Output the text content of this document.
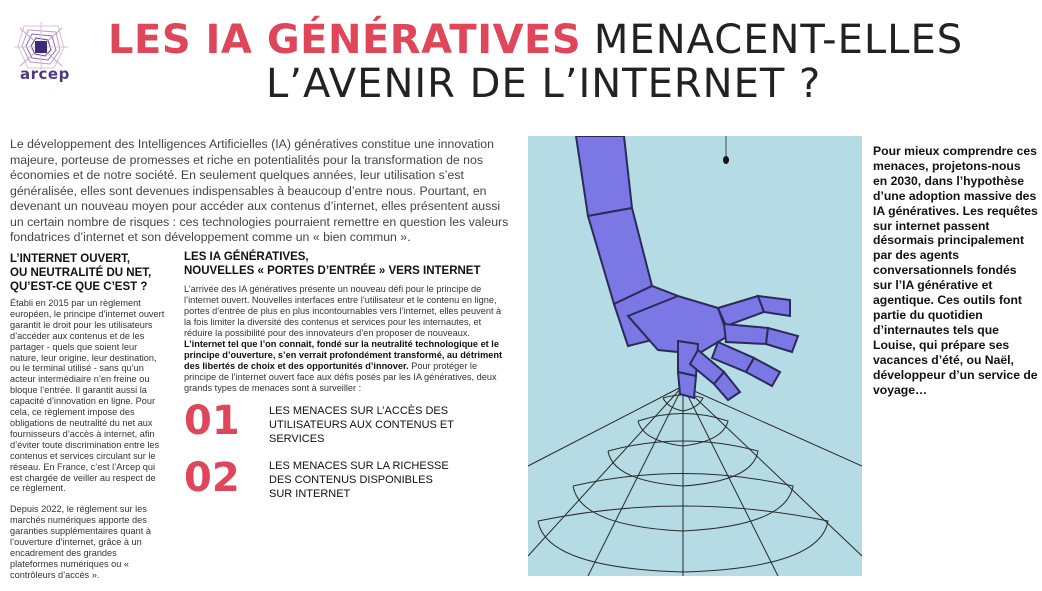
arcep
LES IA GÉNÉRATIVES MENACENT-ELLES
L’AVENIR DE L’INTERNET ?
Le développement des Intelligences Artificielles (IA) génératives constitue une innovation majeure, porteuse de promesses et riche en potentialités pour la transformation de nos économies et de notre société. En seulement quelques années, leur utilisation s’est généralisée, elles sont devenues indispensables à beaucoup d’entre nous. Pourtant, en devenant un nouveau moyen pour accéder aux contenus d’internet, elles présentent aussi un certain nombre de risques : ces technologies pourraient remettre en question les valeurs fondatrices d’internet et son développement comme un « bien commun ».
L’INTERNET OUVERT,
OU NEUTRALITÉ DU NET,
QU’EST-CE QUE C’EST ?

Établi en 2015 par un règlement européen, le principe d’internet ouvert garantit le droit pour les utilisateurs d’accéder aux contenus et de les partager - quels que soient leur nature, leur origine, leur destination, ou le terminal utilisé - sans qu’un acteur intermédiaire n’en freine ou bloque l’entrée. Il garantit aussi la capacité d’innovation en ligne. Pour cela, ce règlement impose des obligations de neutralité du net aux fournisseurs d’accès à internet, afin d’éviter toute discrimination entre les contenus et services circulant sur le réseau. En France, c’est l’Arcep qui est chargée de veiller au respect de ce règlement.

Depuis 2022, le règlement sur les marchés numériques apporte des garanties supplémentaires quant à l’ouverture d’internet, grâce à un encadrement des grandes plateformes numériques ou « contrôleurs d’accès ».

LES IA GÉNÉRATIVES,
NOUVELLES « PORTES D’ENTRÉE » VERS INTERNET
L’arrivée des IA génératives présente un nouveau défi pour le principe de l’internet ouvert. Nouvelles interfaces entre l’utilisateur et le contenu en ligne, portes d’entrée de plus en plus incontournables vers l’internet, elles peuvent à la fois limiter la diversité des contenus et services pour les internautes, et réduire la possibilité pour des innovateurs d’en proposer de nouveaux. L’internet tel que l’on connait, fondé sur la neutralité technologique et le principe d’ouverture, s’en verrait profondément transformé, au détriment des libertés de choix et des opportunités d’innover. Pour protéger le principe de l’internet ouvert face aux défis posés par les IA génératives, deux grands types de menaces sont à surveiller :
01	LES MENACES SUR L’ACCÈS DES UTILISATEURS AUX CONTENUS ET SERVICES
02	LES MENACES SUR LA RICHESSE DES CONTENUS DISPONIBLES SUR INTERNET
Pour mieux comprendre ces menaces, projetons-nous en 2030, dans l’hypothèse d’une adoption massive des IA génératives. Les requêtes sur internet passent désormais principalement par des agents conversationnels fondés sur l’IA générative et agentique. Ces outils font partie du quotidien d’internautes tels que Louise, qui prépare ses vacances d’été, ou Naël, développeur d’un service de voyage…
